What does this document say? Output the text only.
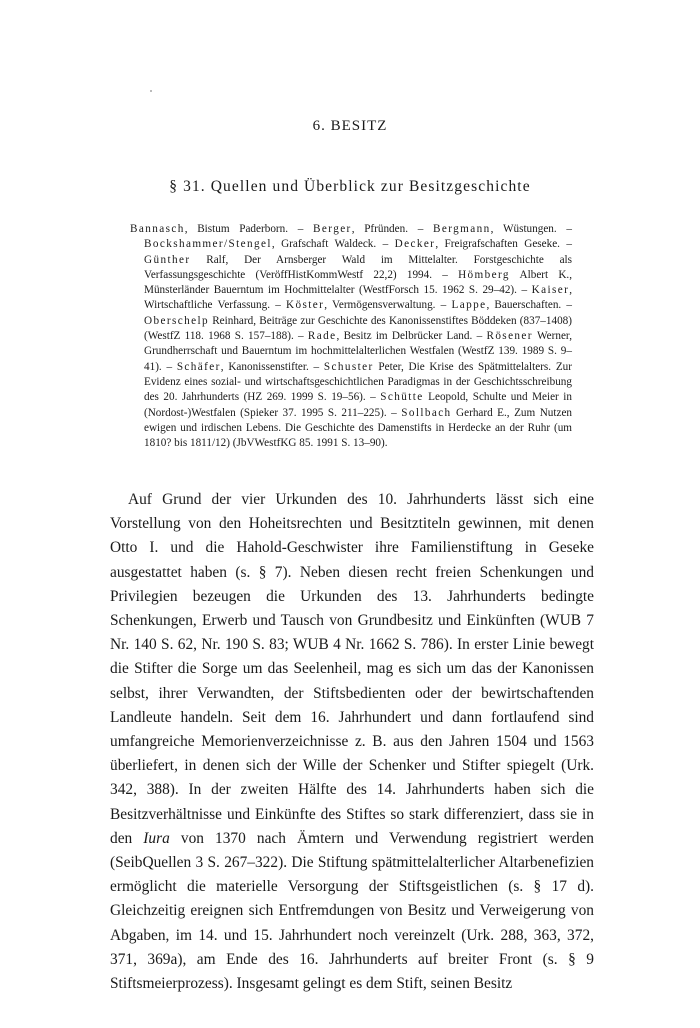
6. BESITZ
§ 31. Quellen und Überblick zur Besitzgeschichte

Bannasch, Bistum Paderborn. – Berger, Pfründen. – Bergmann, Wüstungen. – Bockshammer/Stengel, Grafschaft Waldeck. – Decker, Freigrafschaften Geseke. – Günther Ralf, Der Arnsberger Wald im Mittelalter. Forstgeschichte als Verfassungsgeschichte (VeröffHistKommWestf 22,2) 1994. – Hömberg Albert K., Münsterländer Bauerntum im Hochmittelalter (WestfForsch 15. 1962 S. 29–42). – Kaiser, Wirtschaftliche Verfassung. – Köster, Vermögensverwaltung. – Lappe, Bauerschaften. – Oberschelp Reinhard, Beiträge zur Geschichte des Kanonissenstiftes Böddeken (837–1408) (WestfZ 118. 1968 S. 157–188). – Rade, Besitz im Delbrücker Land. – Rösener Werner, Grundherrschaft und Bauerntum im hochmittelalterlichen Westfalen (WestfZ 139. 1989 S. 9–41). – Schäfer, Kanonissenstifter. – Schuster Peter, Die Krise des Spätmittelalters. Zur Evidenz eines sozial- und wirtschaftsgeschichtlichen Paradigmas in der Geschichtsschreibung des 20. Jahrhunderts (HZ 269. 1999 S. 19–56). – Schütte Leopold, Schulte und Meier in (Nordost-)Westfalen (Spieker 37. 1995 S. 211–225). – Sollbach Gerhard E., Zum Nutzen ewigen und irdischen Lebens. Die Geschichte des Damenstifts in Herdecke an der Ruhr (um 1810? bis 1811/12) (JbVWestfKG 85. 1991 S. 13–90).

Auf Grund der vier Urkunden des 10. Jahrhunderts lässt sich eine Vorstellung von den Hoheitsrechten und Besitztiteln gewinnen, mit denen Otto I. und die Hahold-Geschwister ihre Familienstiftung in Geseke ausgestattet haben (s. § 7). Neben diesen recht freien Schenkungen und Privilegien bezeugen die Urkunden des 13. Jahrhunderts bedingte Schenkungen, Erwerb und Tausch von Grundbesitz und Einkünften (WUB 7 Nr. 140 S. 62, Nr. 190 S. 83; WUB 4 Nr. 1662 S. 786). In erster Linie bewegt die Stifter die Sorge um das Seelenheil, mag es sich um das der Kanonissen selbst, ihrer Verwandten, der Stiftsbedienten oder der bewirtschaftenden Landleute handeln. Seit dem 16. Jahrhundert und dann fortlaufend sind umfangreiche Memorienverzeichnisse z. B. aus den Jahren 1504 und 1563 überliefert, in denen sich der Wille der Schenker und Stifter spiegelt (Urk. 342, 388). In der zweiten Hälfte des 14. Jahrhunderts haben sich die Besitzverhältnisse und Einkünfte des Stiftes so stark differenziert, dass sie in den Iura von 1370 nach Ämtern und Verwendung registriert werden (SeibQuellen 3 S. 267–322). Die Stiftung spätmittelalterlicher Altarbenefizien ermöglicht die materielle Versorgung der Stiftsgeistlichen (s. § 17 d). Gleichzeitig ereignen sich Entfremdungen von Besitz und Verweigerung von Abgaben, im 14. und 15. Jahrhundert noch vereinzelt (Urk. 288, 363, 372, 371, 369a), am Ende des 16. Jahrhunderts auf breiter Front (s. § 9 Stiftsmeierprozess). Insgesamt gelingt es dem Stift, seinen Besitz
